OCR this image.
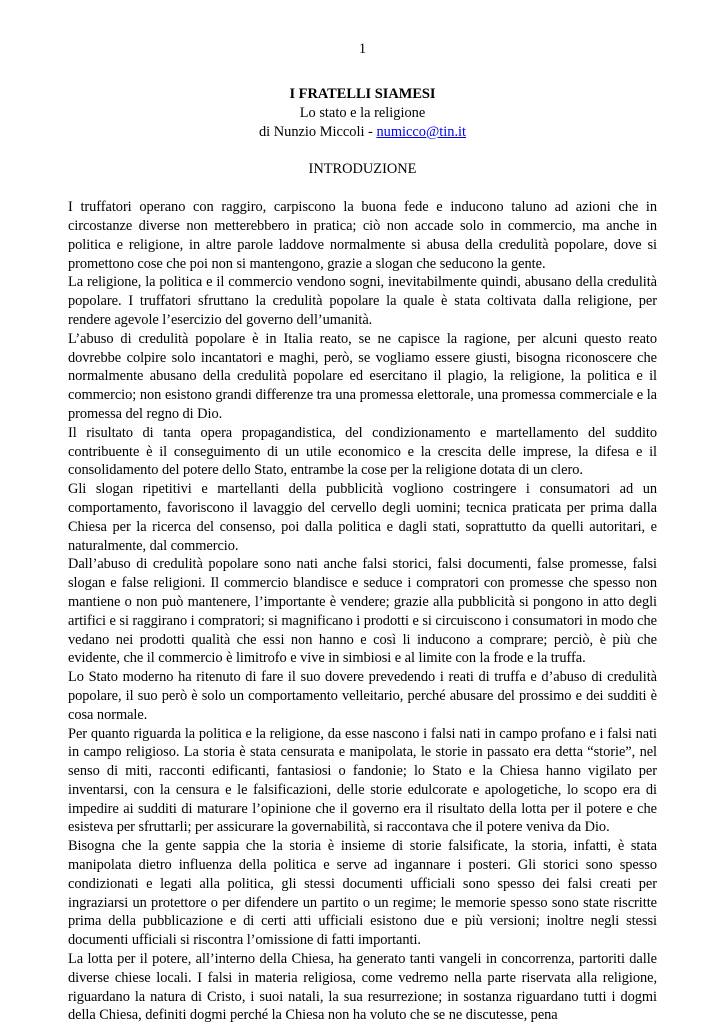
1
I FRATELLI SIAMESI
Lo stato e la religione
di Nunzio Miccoli - numicco@tin.it
INTRODUZIONE

I truffatori operano con raggiro, carpiscono la buona fede e inducono taluno ad azioni che in circostanze diverse non metterebbero in pratica; ciò non accade solo in commercio, ma anche in politica e religione, in altre parole laddove normalmente si abusa della credulità popolare, dove si promettono cose che poi non si mantengono, grazie a slogan che seducono la gente.

La religione, la politica e il commercio vendono sogni, inevitabilmente quindi, abusano della credulità popolare. I truffatori sfruttano la credulità popolare la quale è stata coltivata dalla religione, per rendere agevole l’esercizio del governo dell’umanità.

L’abuso di credulità popolare è in Italia reato, se ne capisce la ragione, per alcuni questo reato dovrebbe colpire solo incantatori e maghi, però, se vogliamo essere giusti, bisogna riconoscere che normalmente abusano della credulità popolare ed esercitano il plagio, la religione, la politica e il commercio; non esistono grandi differenze tra una promessa elettorale, una promessa commerciale e la promessa del regno di Dio.

Il risultato di tanta opera propagandistica, del condizionamento e martellamento del suddito contribuente è il conseguimento di un utile economico e la crescita delle imprese, la difesa e il consolidamento del potere dello Stato, entrambe la cose per la religione dotata di un clero.

Gli slogan ripetitivi e martellanti della pubblicità vogliono costringere i consumatori ad un comportamento, favoriscono il lavaggio del cervello degli uomini; tecnica praticata per prima dalla Chiesa per la ricerca del consenso, poi dalla politica e dagli stati, soprattutto da quelli autoritari, e naturalmente, dal commercio.

Dall’abuso di credulità popolare sono nati anche falsi storici, falsi documenti, false promesse, falsi slogan e false religioni. Il commercio blandisce e seduce i compratori con promesse che spesso non mantiene o non può mantenere, l’importante è vendere; grazie alla pubblicità si pongono in atto degli artifici e si raggirano i compratori; si magnificano i prodotti e si circuiscono i consumatori in modo che vedano nei prodotti qualità che essi non hanno e così li inducono a comprare; perciò, è più che evidente, che il commercio è limitrofo e vive in simbiosi e al limite con la frode e la truffa.

Lo Stato moderno ha ritenuto di fare il suo dovere prevedendo i reati di truffa e d’abuso di credulità popolare, il suo però è solo un comportamento velleitario, perché abusare del prossimo e dei sudditi è cosa normale.

Per quanto riguarda la politica e la religione, da esse nascono i falsi nati in campo profano e i falsi nati in campo religioso. La storia è stata censurata e manipolata, le storie in passato era detta “storie”, nel senso di miti, racconti edificanti, fantasiosi o fandonie; lo Stato e la Chiesa hanno vigilato per inventarsi, con la censura e le falsificazioni, delle storie edulcorate e apologetiche, lo scopo era di impedire ai sudditi di maturare l’opinione che il governo era il risultato della lotta per il potere e che esisteva per sfruttarli; per assicurare la governabilità, si raccontava che il potere veniva da Dio.

Bisogna che la gente sappia che la storia è insieme di storie falsificate, la storia, infatti, è stata manipolata dietro influenza della politica e serve ad ingannare i posteri. Gli storici sono spesso condizionati e legati alla politica, gli stessi documenti ufficiali sono spesso dei falsi creati per ingraziarsi un protettore o per difendere un partito o un regime; le memorie spesso sono state riscritte prima della pubblicazione e di certi atti ufficiali esistono due e più versioni; inoltre negli stessi documenti ufficiali si riscontra l’omissione di fatti importanti.

La lotta per il potere, all’interno della Chiesa, ha generato tanti vangeli in concorrenza, partoriti dalle diverse chiese locali. I falsi in materia religiosa, come vedremo nella parte riservata alla religione, riguardano la natura di Cristo, i suoi natali, la sua resurrezione; in sostanza riguardano tutti i dogmi della Chiesa, definiti dogmi perché la Chiesa non ha voluto che se ne discutesse, pena
